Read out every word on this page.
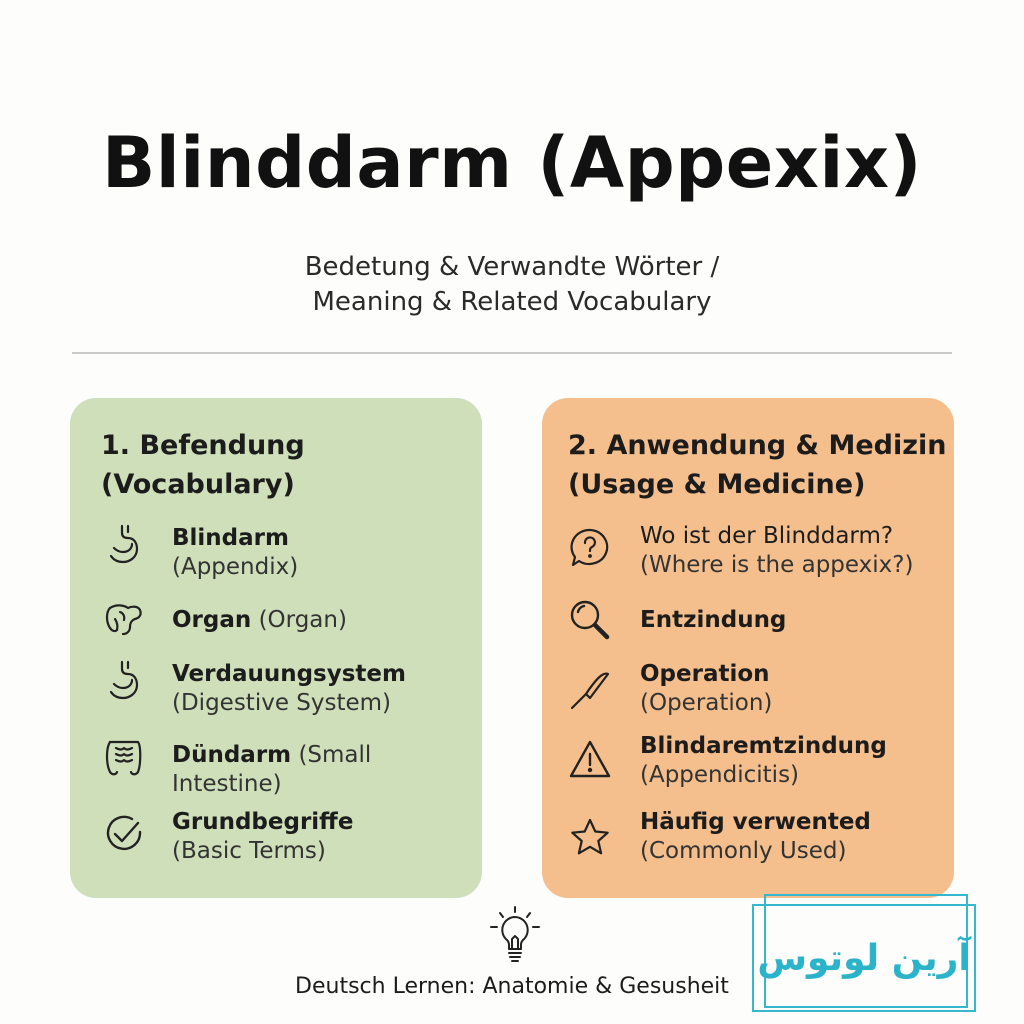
Blinddarm (Appexix)
Bedetung & Verwandte Wörter /
Meaning & Related Vocabulary
1. Befendung
(Vocabulary)
Blindarm
(Appendix)
Organ (Organ)
Verdauungsystem
(Digestive System)
Dündarm (Small Intestine)
Grundbegriffe
(Basic Terms)
2. Anwendung & Medizin
(Usage & Medicine)
Wo ist der Blinddarm?
(Where is the appexix?)
Entzindung
Operation
(Operation)
Blindaremtzindung
(Appendicitis)
Häufig verwented
(Commonly Used)
Deutsch Lernen: Anatomie & Gesusheit
آرین لوتوس
